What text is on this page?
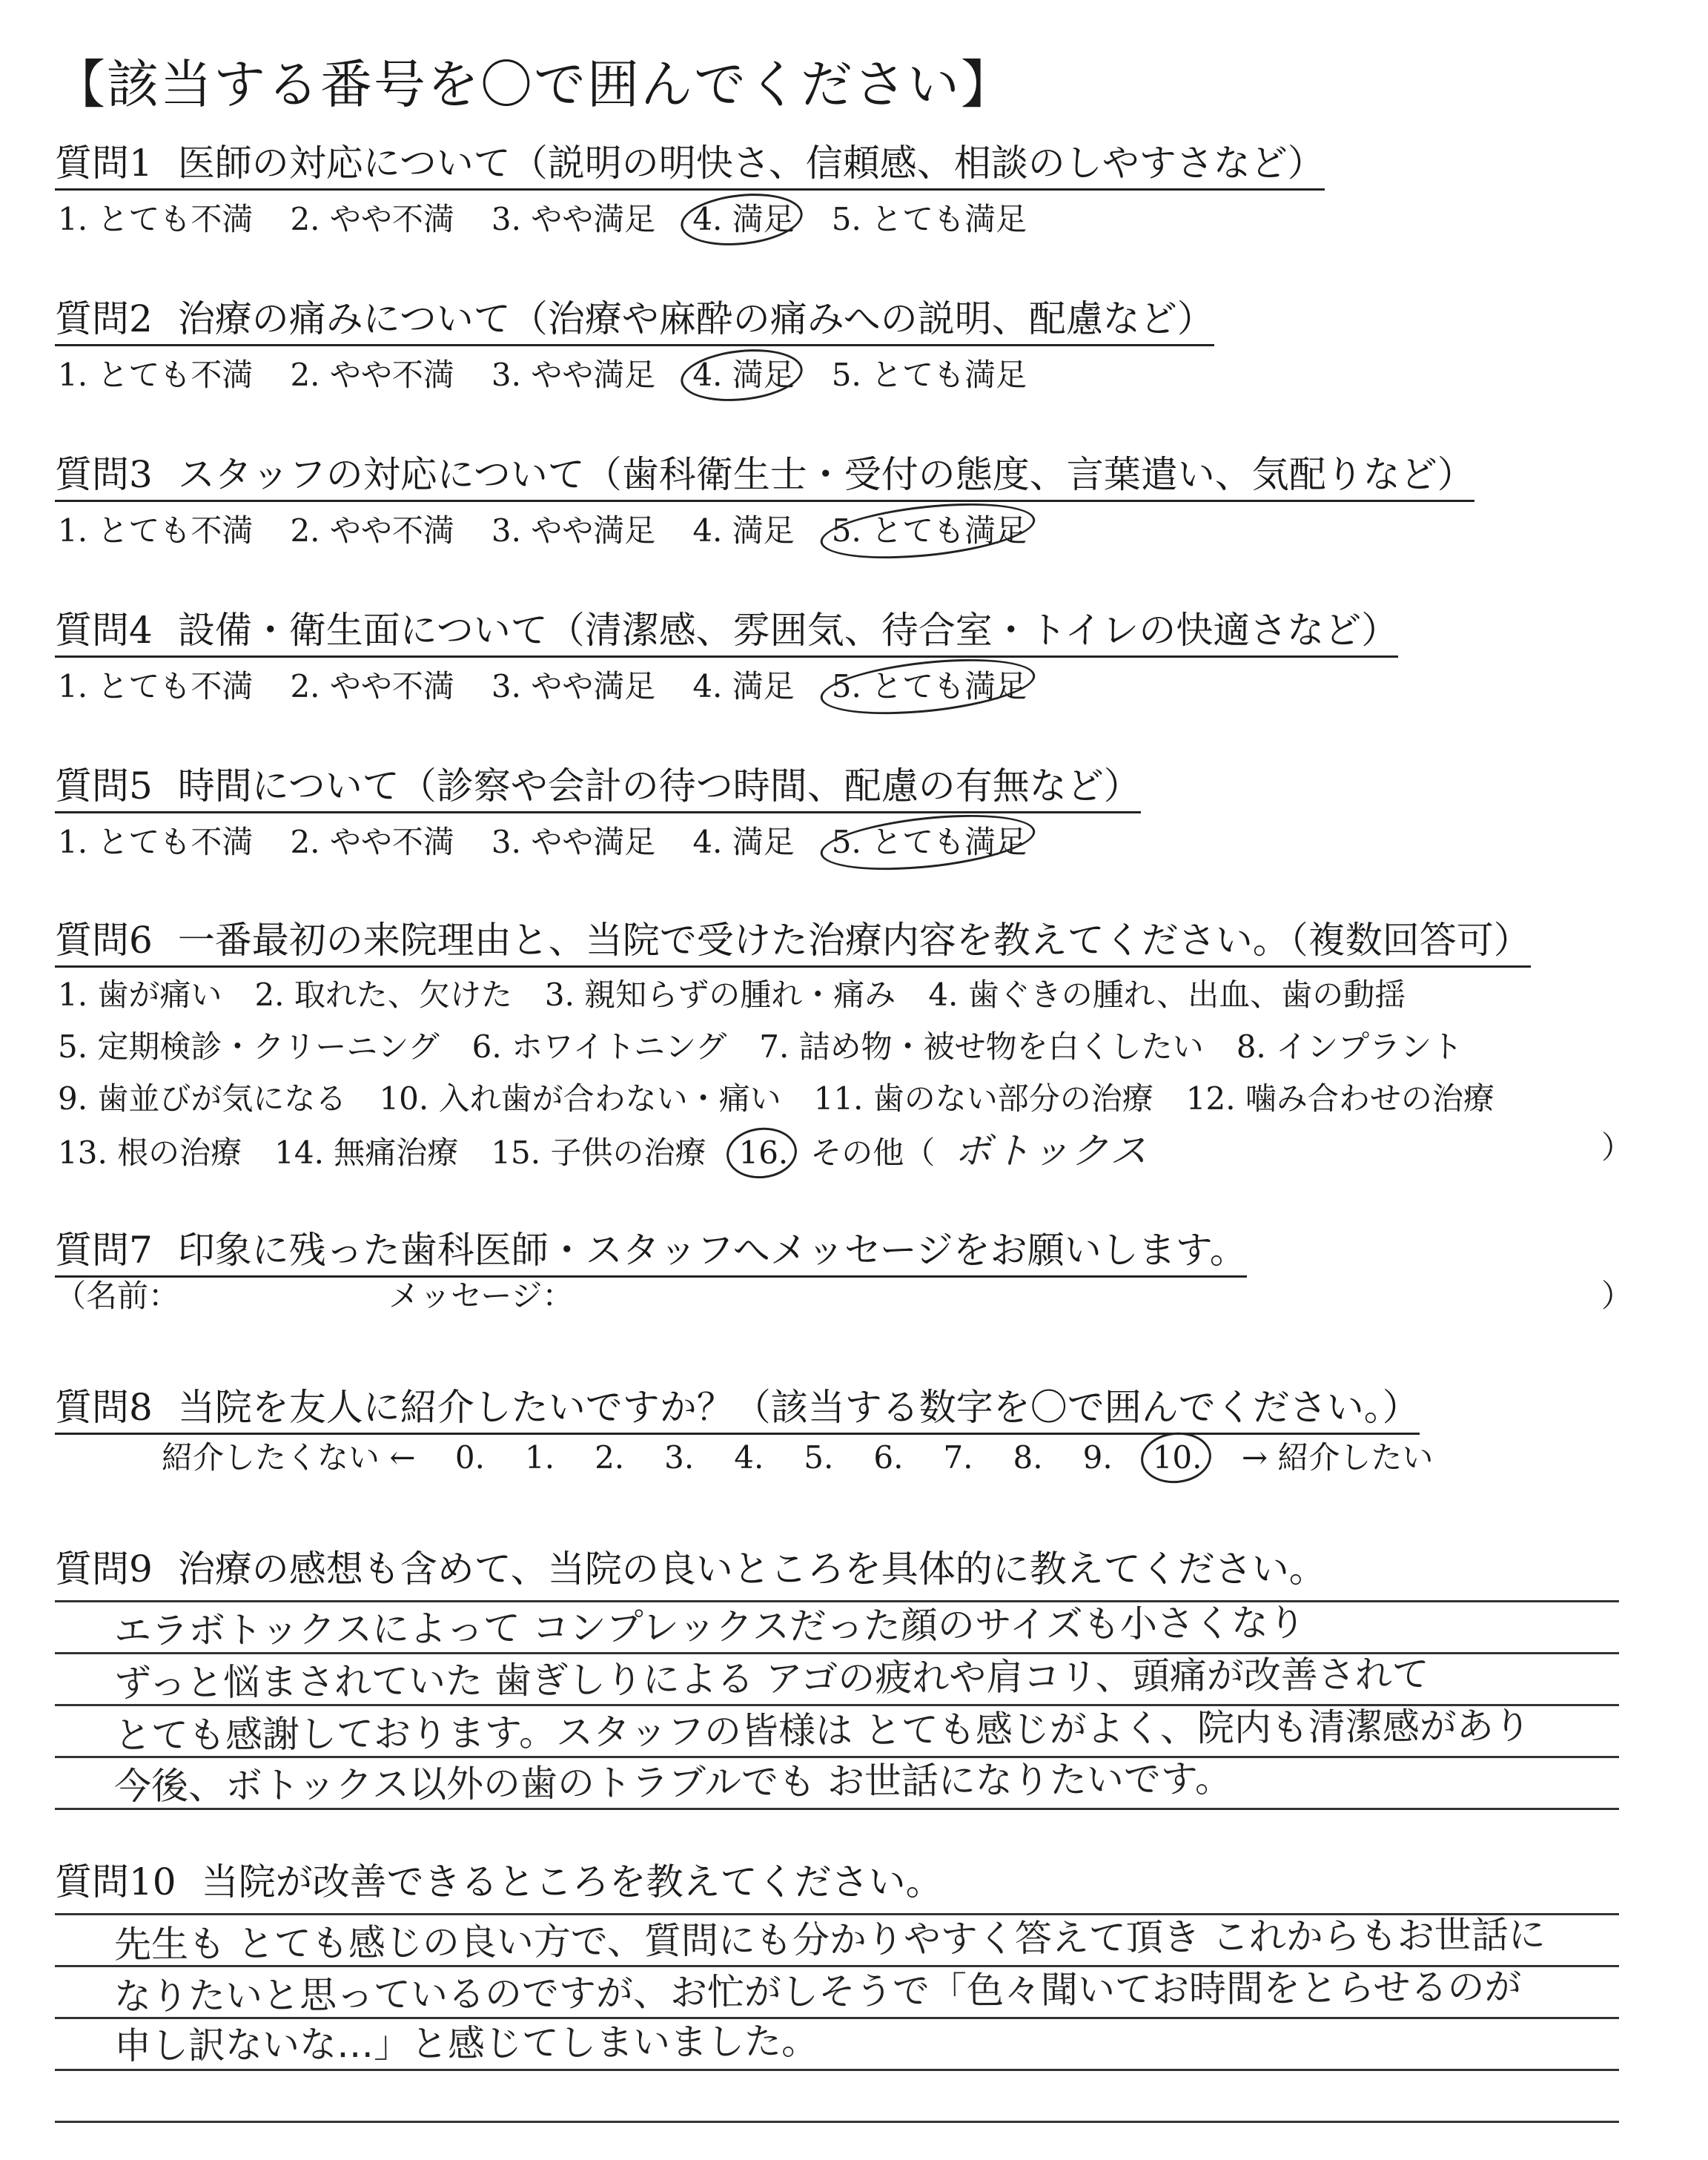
【該当する番号を〇で囲んでください】
質問1 医師の対応について（説明の明快さ、信頼感、相談のしやすさなど）
1. とても不満 2. やや不満 3. やや満足 4. 満足 5. とても満足
質問2 治療の痛みについて（治療や麻酔の痛みへの説明、配慮など）
1. とても不満 2. やや不満 3. やや満足 4. 満足 5. とても満足
質問3 スタッフの対応について（歯科衛生士・受付の態度、言葉遣い、気配りなど）
1. とても不満 2. やや不満 3. やや満足 4. 満足 5. とても満足
質問4 設備・衛生面について（清潔感、雰囲気、待合室・トイレの快適さなど）
1. とても不満 2. やや不満 3. やや満足 4. 満足 5. とても満足
質問5 時間について（診察や会計の待つ時間、配慮の有無など）
1. とても不満 2. やや不満 3. やや満足 4. 満足 5. とても満足
質問6 一番最初の来院理由と、当院で受けた治療内容を教えてください。（複数回答可）
1. 歯が痛い 2. 取れた、欠けた 3. 親知らずの腫れ・痛み 4. 歯ぐきの腫れ、出血、歯の動揺
5. 定期検診・クリーニング 6. ホワイトニング 7. 詰め物・被せ物を白くしたい 8. インプラント
9. 歯並びが気になる 10. 入れ歯が合わない・痛い 11. 歯のない部分の治療 12. 噛み合わせの治療
13. 根の治療 14. 無痛治療 15. 子供の治療 16. その他（ ボトックス	）
質問7 印象に残った歯科医師・スタッフへメッセージをお願いします。
（名前：	メッセージ：	）
質問8 当院を友人に紹介したいですか？（該当する数字を〇で囲んでください。）
紹介したくない ← 0. 1. 2. 3. 4. 5. 6. 7. 8. 9. 10. → 紹介したい
質問9 治療の感想も含めて、当院の良いところを具体的に教えてください。
エラボトックスによって コンプレックスだった顔のサイズも小さくなり
ずっと悩まされていた 歯ぎしりによる アゴの疲れや肩コリ、頭痛が改善されて
とても感謝しております。スタッフの皆様は とても感じがよく、院内も清潔感があり
今後、ボトックス以外の歯のトラブルでも お世話になりたいです。
質問10 当院が改善できるところを教えてください。
先生も とても感じの良い方で、質問にも分かりやすく答えて頂き これからもお世話に
なりたいと思っているのですが、お忙がしそうで「色々聞いてお時間をとらせるのが
申し訳ないな…」と感じてしまいました。
